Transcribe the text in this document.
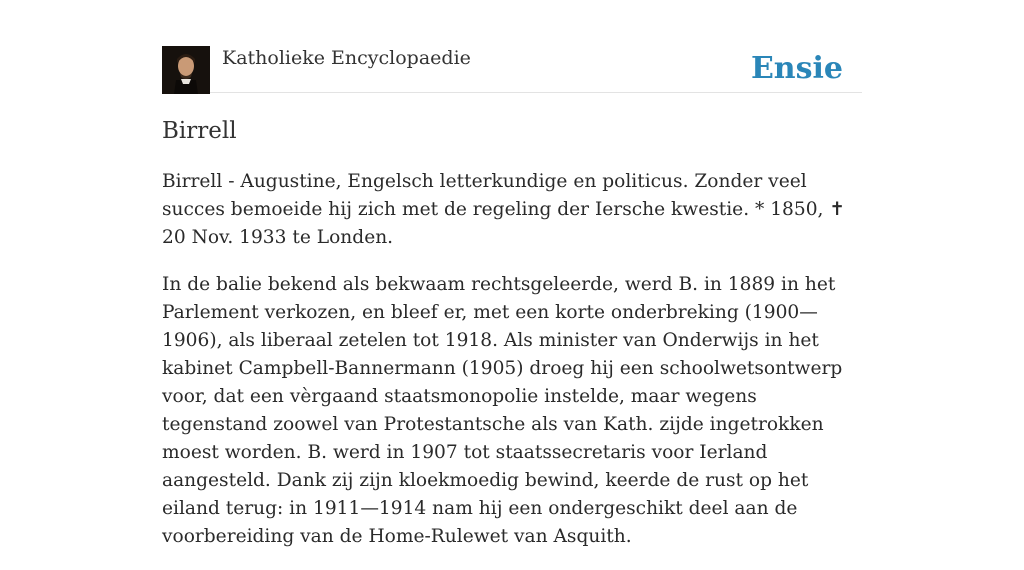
Katholieke Encyclopaedie	Ensie
Birrell

Birrell - Augustine, Engelsch letterkundige en politicus. Zonder veel succes bemoeide hij zich met de regeling der Iersche kwestie. * 1850, ✝ 20 Nov. 1933 te Londen.

In de balie bekend als bekwaam rechtsgeleerde, werd B. in 1889 in het Parlement verkozen, en bleef er, met een korte onderbreking (1900—1906), als liberaal zetelen tot 1918. Als minister van Onderwijs in het kabinet Campbell-Bannermann (1905) droeg hij een schoolwetsontwerp voor, dat een vèrgaand staatsmonopolie instelde, maar wegens tegenstand zoowel van Protestantsche als van Kath. zijde ingetrokken moest worden. B. werd in 1907 tot staatssecretaris voor Ierland aangesteld. Dank zij zijn kloekmoedig bewind, keerde de rust op het eiland terug: in 1911—1914 nam hij een ondergeschikt deel aan de voorbereiding van de Home-Rulewet van Asquith.
